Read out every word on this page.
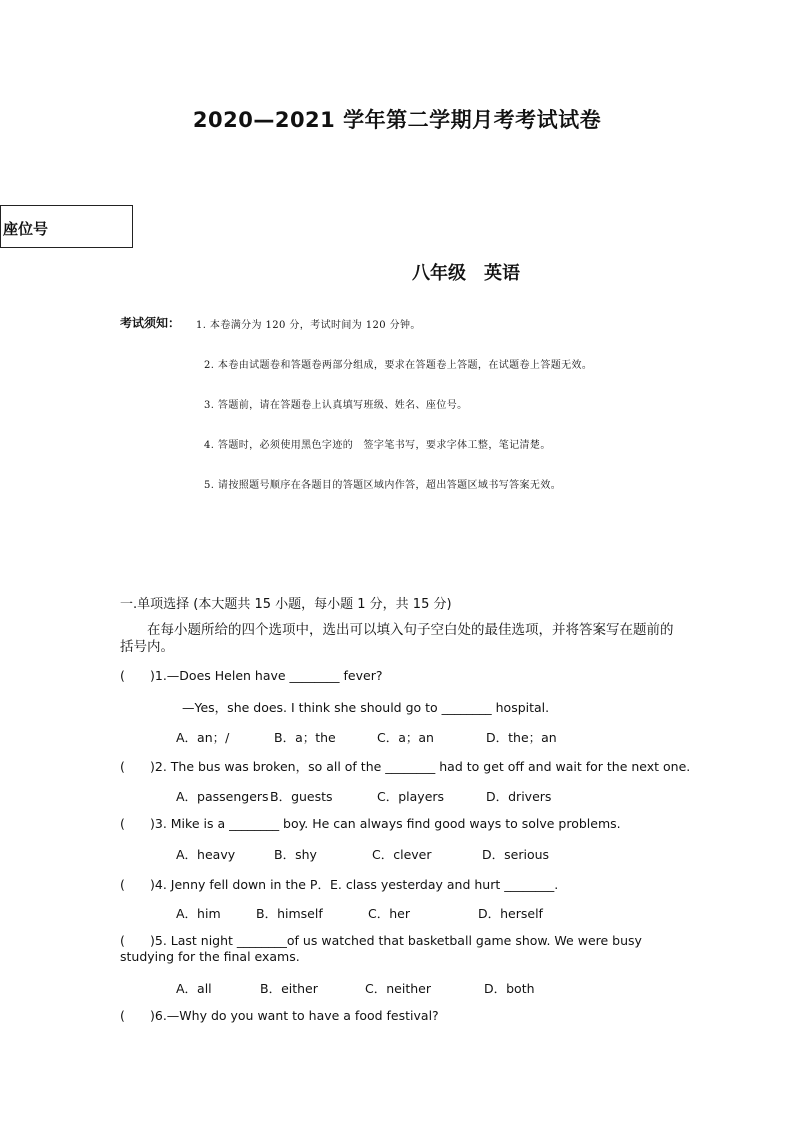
2020—2021 学年第二学期月考考试试卷
座位号
八年级　英语
考试须知： 1. 本卷满分为 120 分，考试时间为 120 分钟。
2. 本卷由试题卷和答题卷两部分组成，要求在答题卷上答题，在试题卷上答题无效。
3. 答题前，请在答题卷上认真填写班级、姓名、座位号。
4. 答题时，必须使用黑色字迹的　签字笔书写，要求字体工整，笔记清楚。
5. 请按照题号顺序在各题目的答题区域内作答，超出答题区域书写答案无效。
一.单项选择 (本大题共 15 小题，每小题 1 分，共 15 分)
在每小题所给的四个选项中，选出可以填入句子空白处的最佳选项，并将答案写在题前的括号内。
( )1.—Does Helen have ________ fever?
—Yes，she does. I think she should go to ________ hospital.
A．an；/	B．a；the	C．a；an	D．the；an
( )2. The bus was broken，so all of the ________ had to get off and wait for the next one.
A．passengers B．guests	C．players	D．drivers
( )3. Mike is a ________ boy. He can always find good ways to solve problems.
A．heavy	B．shy	C．clever	D．serious
( )4. Jenny fell down in the P．E. class yesterday and hurt ________.
A．him	B．himself	C．her	D．herself
( )5. Last night ________of us watched that basketball game show. We were busy studying for the final exams.
A．all	B．either	C．neither	D．both
( )6.—Why do you want to have a food festival?
